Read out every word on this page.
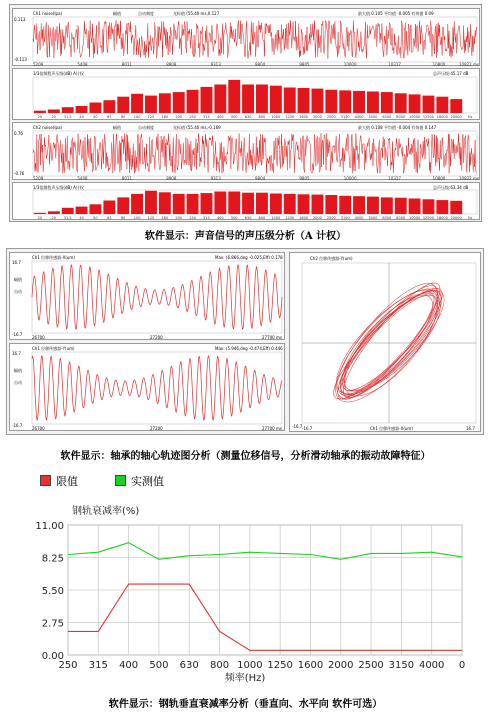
Ch1 noise(Ipa)	幅值	自动刻度	光标值 (55.40 ms,0.127	最大值 0.105 平均值 -0.005 有效值 0.09
0.113
-0.113
5209	5408	8011	8908	9313	9804	9805	10000	10317	10800	10822 ms
1/3倍频程声压级(dB) A计权	总声压级:45.17 dB
20	25 31.5 40	50	63	80 100 125 160 200 250 315 400 500 630 800 1000 1250 1600 2000 2500 3150 4000 5000 6300 8000 10000 12500 16000 20000 Hz
Ch2 noise(Ipa)	幅值	自动刻度	光标值 (55.40 ms,-0.169	最大值 0.108 平均值 -0.004 有效值 0.147
0.76
-0.76
5209	5408	8011	8908	9313	9804	9805	10000	10317	10800	10822 ms
1/3倍频程声压级(dB) A计权	总声压级:63.34 dB
20	25 31.5 40	50	63	80 100 125 160 200 250 315 400 500 630 800 1000 1250 1600 2000 2500 3150 4000 5000 6300 8000 10000 12500 16000 20000 Hz
软件显示：声音信号的声压级分析（A 计权）
Ch1 位移传感器-X(um)	Max: (6.866,deg -0.025,Eff) 0.178
16.7
-16.7
幅值
自动
26700	27200	27700 ms
Ch1 位移传感器-Y(um)	Max: (5.946,deg -0.474,Eff) 0.446
16.7
-16.7
幅值
自动
26700	27200	27700 ms
Ch2 位移传感器-Y(um)
-16.7 -16.7	Ch1 位移传感器-X(um)	16.7
软件显示：轴承的轴心轨迹图分析（测量位移信号，分析滑动轴承的振动故障特征）
限值	实测值
钢轨衰减率(%)
11.00
8.25
5.50
2.75
0.00
250 315 400 500 630 800 1000 1250 1600 2000 2500 3150 4000 0
频率(Hz)
软件显示：钢轨垂直衰减率分析（垂直向、水平向 软件可选）
